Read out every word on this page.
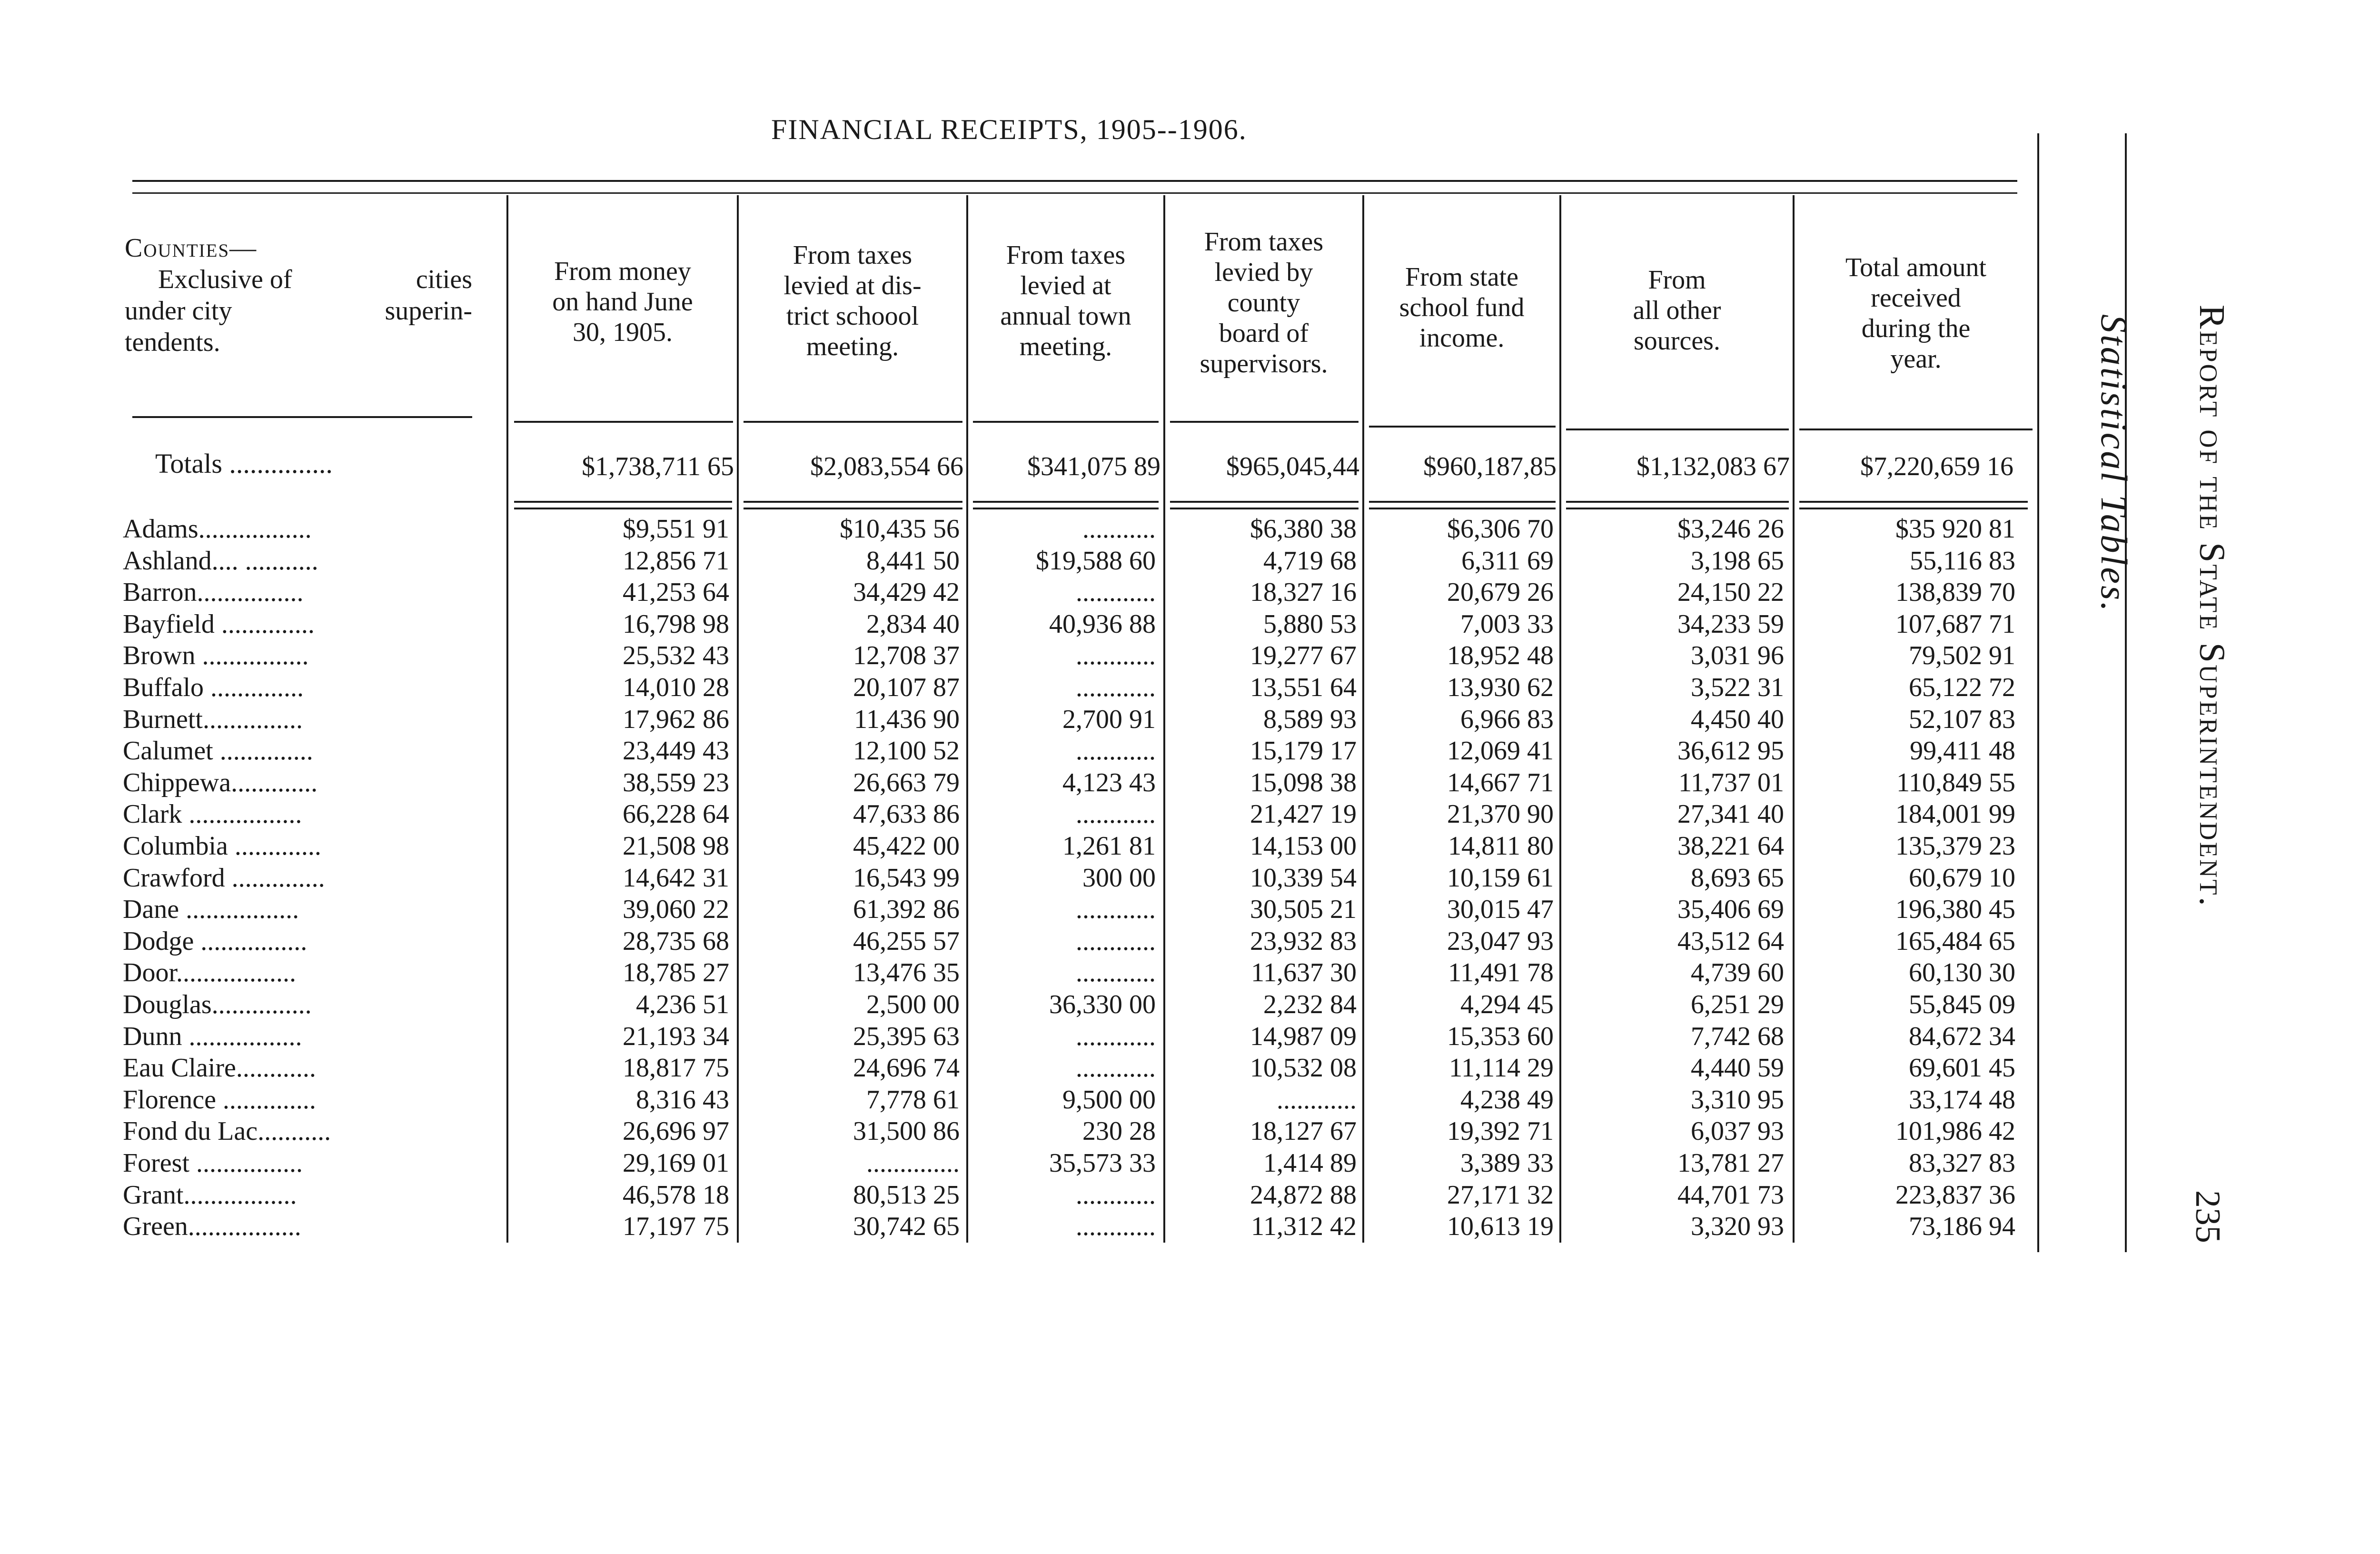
FINANCIAL RECEIPTS, 1905--1906.
Counties—
Exclusive of	cities
under city	superin-
tendents.
From money
on hand June
30, 1905.
From taxes
levied at dis-
trict schoool
meeting.
From taxes
levied at
annual town
meeting.
From taxes
levied by
county
board of
supervisors.
From state
school fund
income.
From
all other
sources.
Total amount
received
during the
year.
Totals ...............	$1,738,711 65	$2,083,554 66	$341,075 89	$965,045,44	$960,187,85	$1,132,083 67	$7,220,659 16
Adams.................	$9,551 91	$10,435 56	...........	$6,380 38	$6,306 70	$3,246 26	$35 920 81
Ashland.... ...........	12,856 71	8,441 50	$19,588 60	4,719 68	6,311 69	3,198 65	55,116 83
Barron................	41,253 64	34,429 42	............	18,327 16	20,679 26	24,150 22	138,839 70
Bayfield ..............	16,798 98	2,834 40	40,936 88	5,880 53	7,003 33	34,233 59	107,687 71
Brown ................	25,532 43	12,708 37	............	19,277 67	18,952 48	3,031 96	79,502 91
Buffalo ..............	14,010 28	20,107 87	............	13,551 64	13,930 62	3,522 31	65,122 72
Burnett...............	17,962 86	11,436 90	2,700 91	8,589 93	6,966 83	4,450 40	52,107 83
Calumet ..............	23,449 43	12,100 52	............	15,179 17	12,069 41	36,612 95	99,411 48
Chippewa.............	38,559 23	26,663 79	4,123 43	15,098 38	14,667 71	11,737 01	110,849 55
Clark .................	66,228 64	47,633 86	............	21,427 19	21,370 90	27,341 40	184,001 99
Columbia .............	21,508 98	45,422 00	1,261 81	14,153 00	14,811 80	38,221 64	135,379 23
Crawford ..............	14,642 31	16,543 99	300 00	10,339 54	10,159 61	8,693 65	60,679 10
Dane .................	39,060 22	61,392 86	............	30,505 21	30,015 47	35,406 69	196,380 45
Dodge ................	28,735 68	46,255 57	............	23,932 83	23,047 93	43,512 64	165,484 65
Door..................	18,785 27	13,476 35	............	11,637 30	11,491 78	4,739 60	60,130 30
Douglas...............	4,236 51	2,500 00	36,330 00	2,232 84	4,294 45	6,251 29	55,845 09
Dunn .................	21,193 34	25,395 63	............	14,987 09	15,353 60	7,742 68	84,672 34
Eau Claire............	18,817 75	24,696 74	............	10,532 08	11,114 29	4,440 59	69,601 45
Florence ..............	8,316 43	7,778 61	9,500 00	............	4,238 49	3,310 95	33,174 48
Fond du Lac...........	26,696 97	31,500 86	230 28	18,127 67	19,392 71	6,037 93	101,986 42
Forest ................	29,169 01	..............	35,573 33	1,414 89	3,389 33	13,781 27	83,327 83
Grant.................	46,578 18	80,513 25	............	24,872 88	27,171 32	44,701 73	223,837 36
Green.................	17,197 75	30,742 65	............	11,312 42	10,613 19	3,320 93	73,186 94
Statistical Tables. Report of the State Superintendent.
235
